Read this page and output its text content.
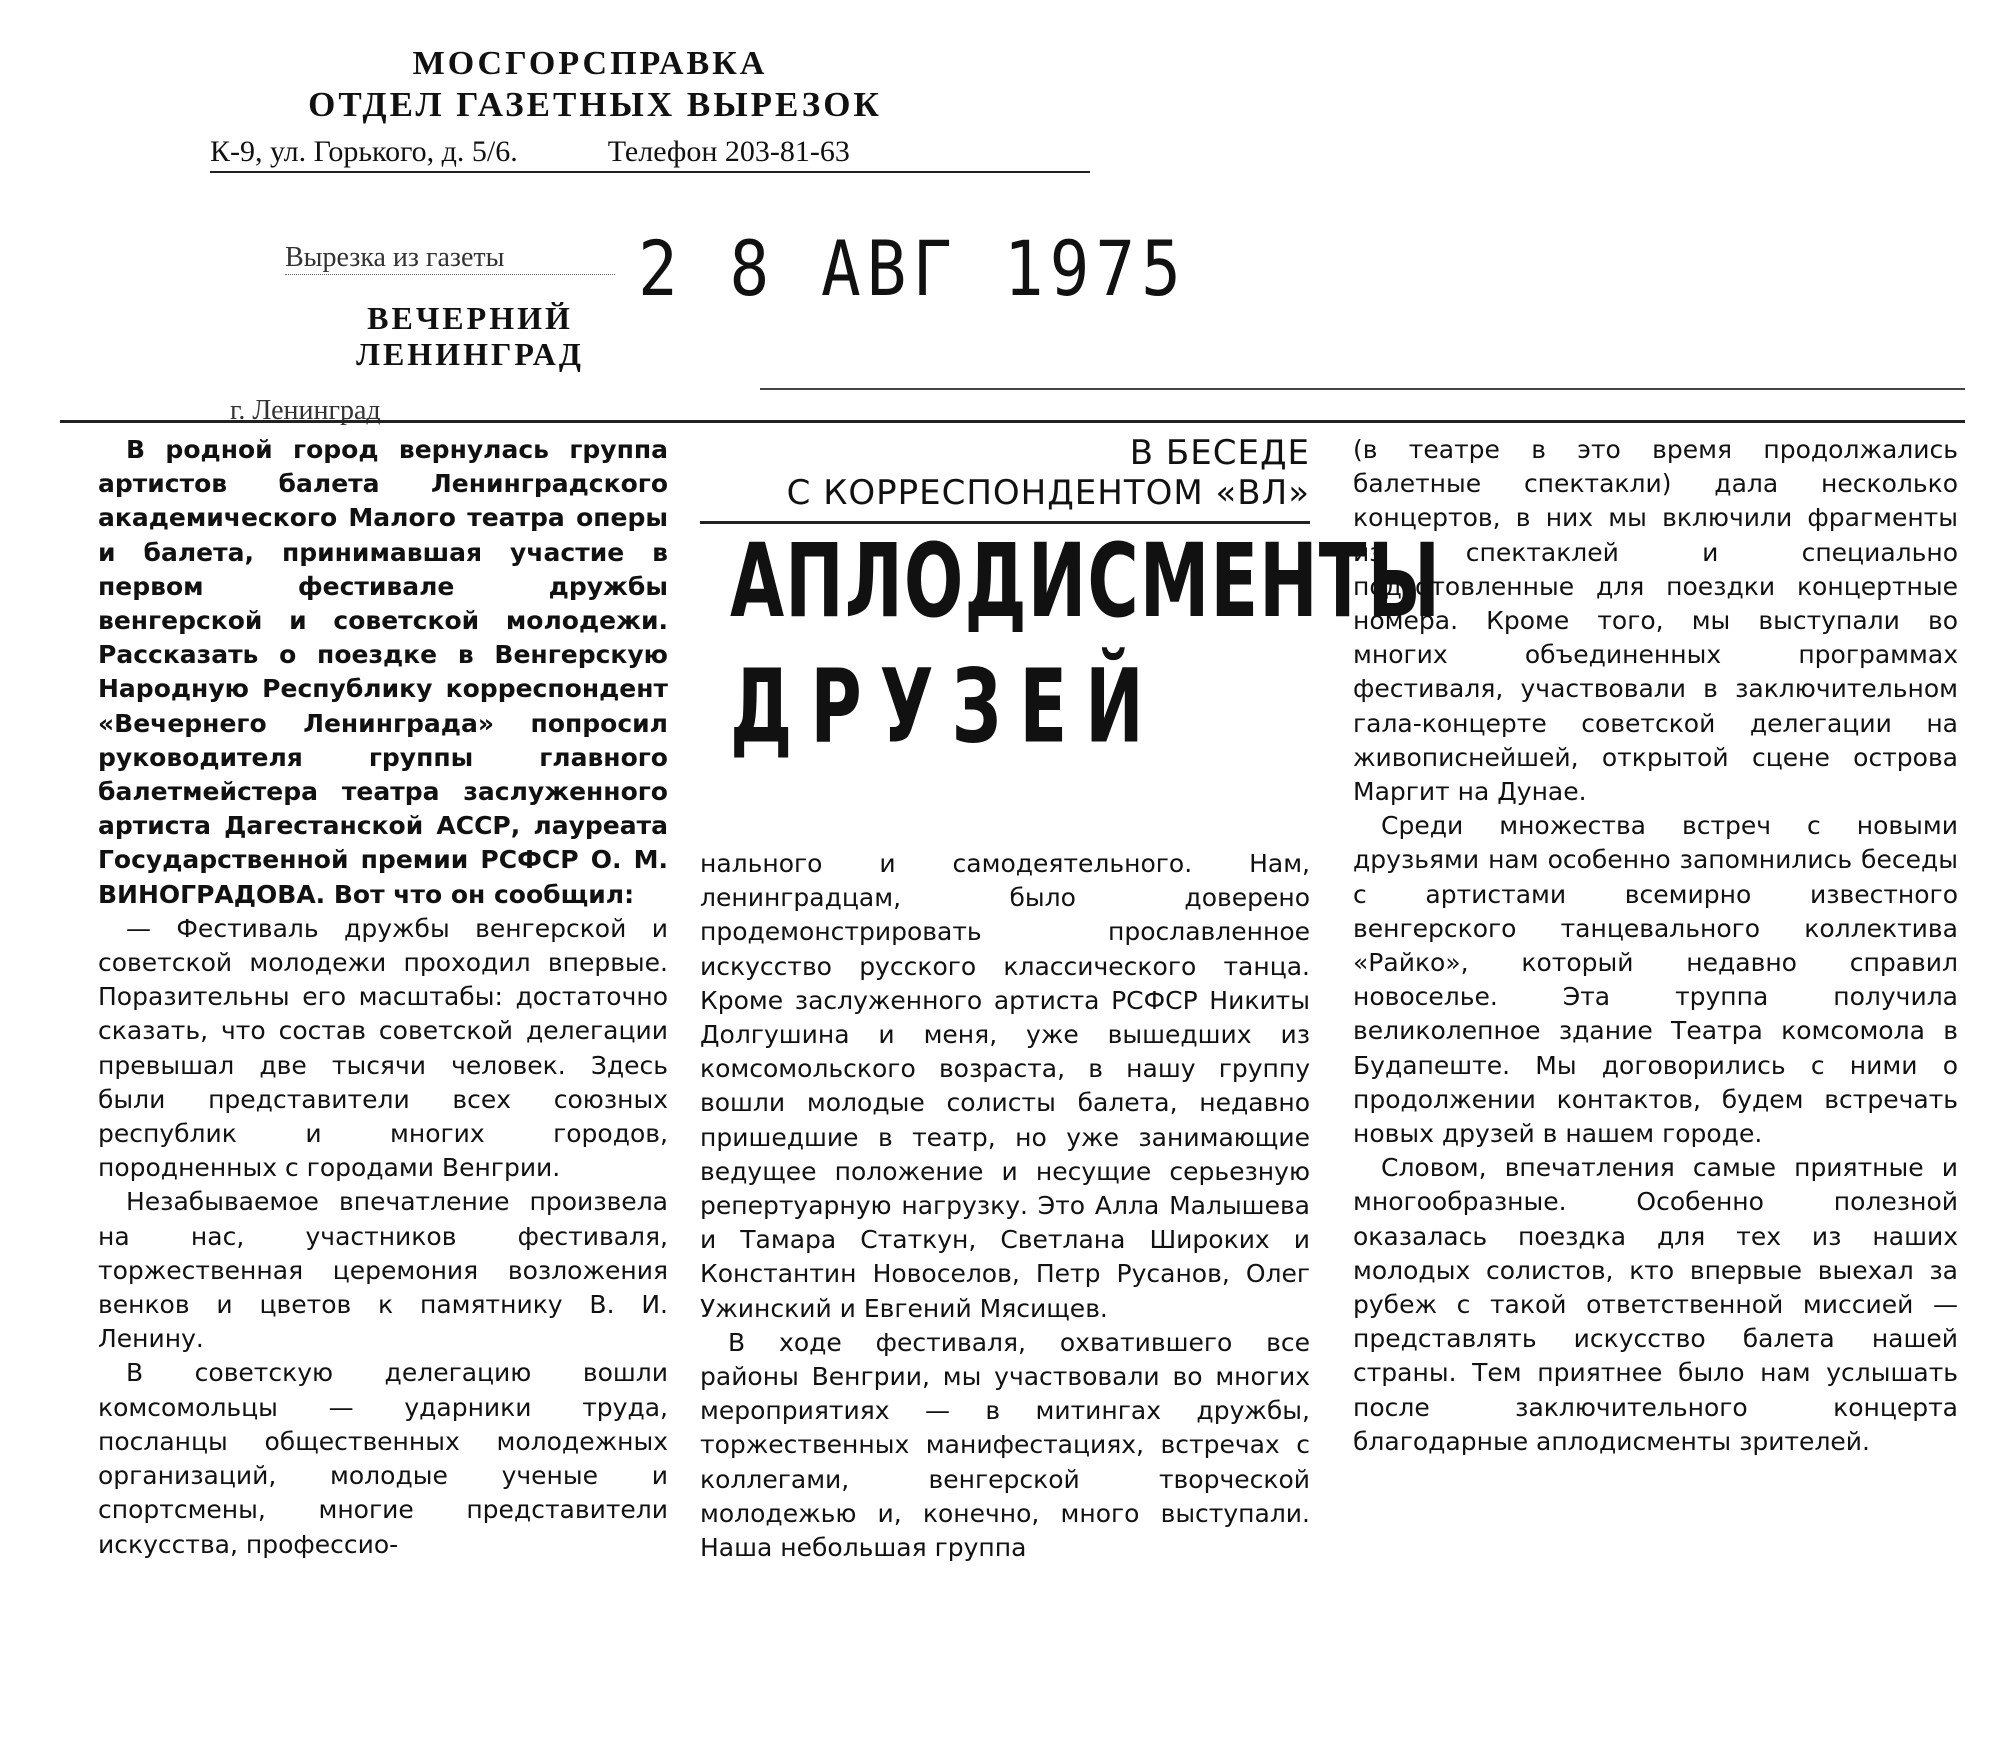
МОСГОРСПРАВКА
ОТДЕЛ ГАЗЕТНЫХ ВЫРЕЗОК
К-9, ул. Горького, д. 5/6.	Телефон 203-81-63
Вырезка из газеты	2 8 АВГ 1975
ВЕЧЕРНИЙ
ЛЕНИНГРАД
г. Ленинград

В родной город вернулась группа артистов балета Ленинградского академического Малого театра оперы и балета, принимавшая участие в первом фестивале дружбы венгерской и советской молодежи. Рассказать о поездке в Венгерскую Народную Республику корреспондент «Вечернего Ленинграда» попросил руководителя группы главного балетмейстера театра заслуженного артиста Дагестанской АССР, лауреата Государственной премии РСФСР О. М. ВИНОГРАДОВА. Вот что он сообщил:

— Фестиваль дружбы венгерской и советской молодежи проходил впервые. Поразительны его масштабы: достаточно сказать, что состав советской делегации превышал две тысячи человек. Здесь были представители всех союзных республик и многих городов, породненных с городами Венгрии.

Незабываемое впечатление произвела на нас, участников фестиваля, торжественная церемония возложения венков и цветов к памятнику В. И. Ленину.

В советскую делегацию вошли комсомольцы — ударники труда, посланцы общественных молодежных организаций, молодые ученые и спортсмены, многие представители искусства, профессио-

В БЕСЕДЕ
С КОРРЕСПОНДЕНТОМ «ВЛ»
АПЛОДИСМЕНТЫ
ДРУЗЕЙ

нального и самодеятельного. Нам, ленинградцам, было доверено продемонстрировать прославленное искусство русского классического танца. Кроме заслуженного артиста РСФСР Никиты Долгушина и меня, уже вышедших из комсомольского возраста, в нашу группу вошли молодые солисты балета, недавно пришедшие в театр, но уже занимающие ведущее положение и несущие серьезную репертуарную нагрузку. Это Алла Малышева и Тамара Статкун, Светлана Широких и Константин Новоселов, Петр Русанов, Олег Ужинский и Евгений Мясищев.

В ходе фестиваля, охватившего все районы Венгрии, мы участвовали во многих мероприятиях — в митингах дружбы, торжественных манифестациях, встречах с коллегами, венгерской творческой молодежью и, конечно, много выступали. Наша небольшая группа

(в театре в это время продолжались балетные спектакли) дала несколько концертов, в них мы включили фрагменты из спектаклей и специально подготовленные для поездки концертные номера. Кроме того, мы выступали во многих объединенных программах фестиваля, участвовали в заключительном гала-концерте советской делегации на живописнейшей, открытой сцене острова Маргит на Дунае.

Среди множества встреч с новыми друзьями нам особенно запомнились беседы с артистами всемирно известного венгерского танцевального коллектива «Райко», который недавно справил новоселье. Эта труппа получила великолепное здание Театра комсомола в Будапеште. Мы договорились с ними о продолжении контактов, будем встречать новых друзей в нашем городе.

Словом, впечатления самые приятные и многообразные. Особенно полезной оказалась поездка для тех из наших молодых солистов, кто впервые выехал за рубеж с такой ответственной миссией — представлять искусство балета нашей страны. Тем приятнее было нам услышать после заключительного концерта благодарные аплодисменты зрителей.
